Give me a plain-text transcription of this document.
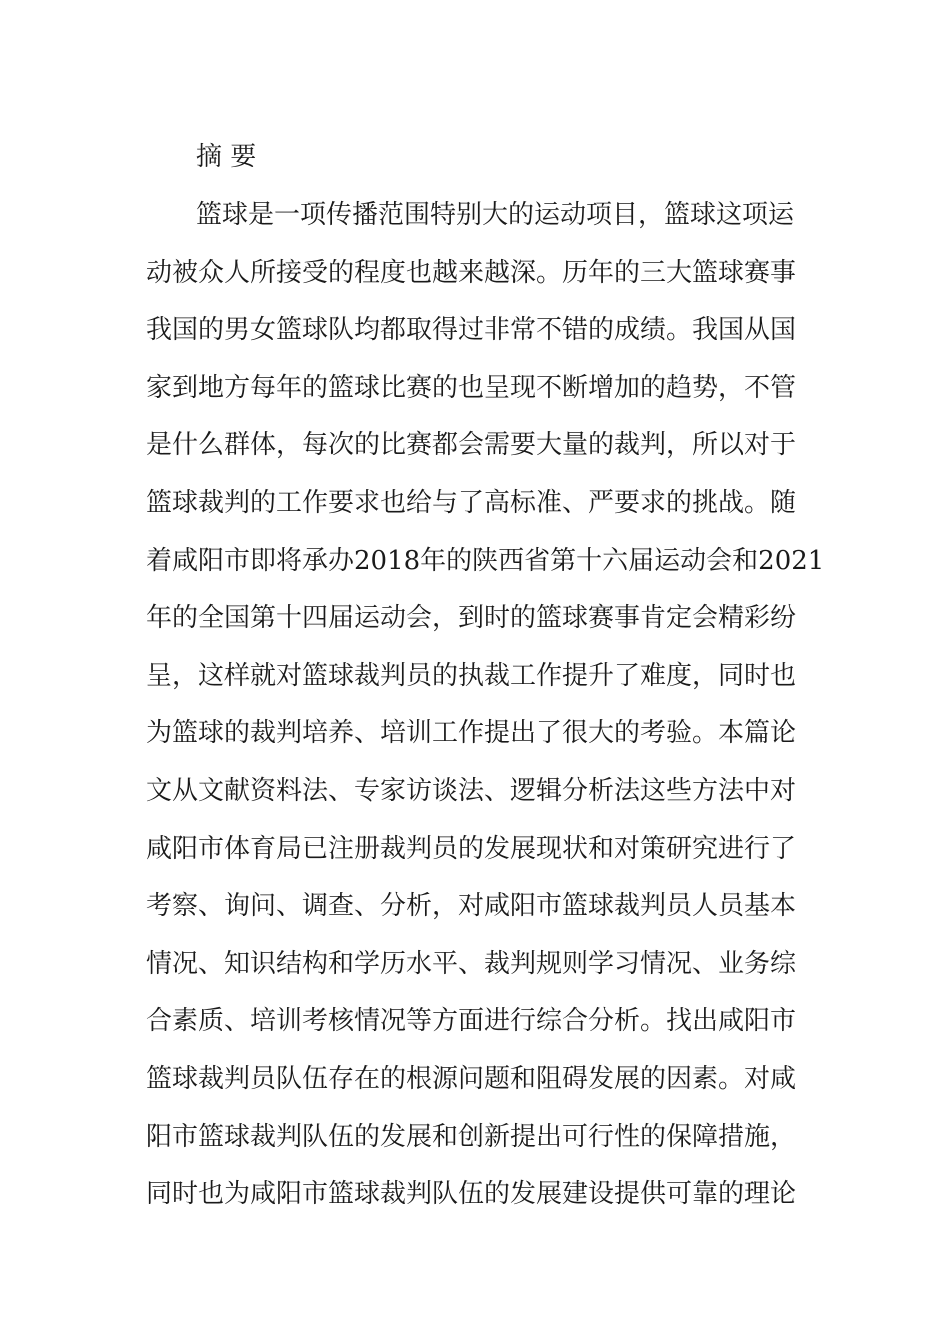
摘 要
篮球是一项传播范围特别大的运动项目，篮球这项运
动被众人所接受的程度也越来越深。历年的三大篮球赛事
我国的男女篮球队均都取得过非常不错的成绩。我国从国
家到地方每年的篮球比赛的也呈现不断增加的趋势，不管
是什么群体，每次的比赛都会需要大量的裁判，所以对于
篮球裁判的工作要求也给与了高标准、严要求的挑战。随
着咸阳市即将承办2018年的陕西省第十六届运动会和2021
年的全国第十四届运动会，到时的篮球赛事肯定会精彩纷
呈，这样就对篮球裁判员的执裁工作提升了难度，同时也
为篮球的裁判培养、培训工作提出了很大的考验。本篇论
文从文献资料法、专家访谈法、逻辑分析法这些方法中对
咸阳市体育局已注册裁判员的发展现状和对策研究进行了
考察、询问、调查、分析，对咸阳市篮球裁判员人员基本
情况、知识结构和学历水平、裁判规则学习情况、业务综
合素质、培训考核情况等方面进行综合分析。找出咸阳市
篮球裁判员队伍存在的根源问题和阻碍发展的因素。对咸
阳市篮球裁判队伍的发展和创新提出可行性的保障措施，
同时也为咸阳市篮球裁判队伍的发展建设提供可靠的理论
